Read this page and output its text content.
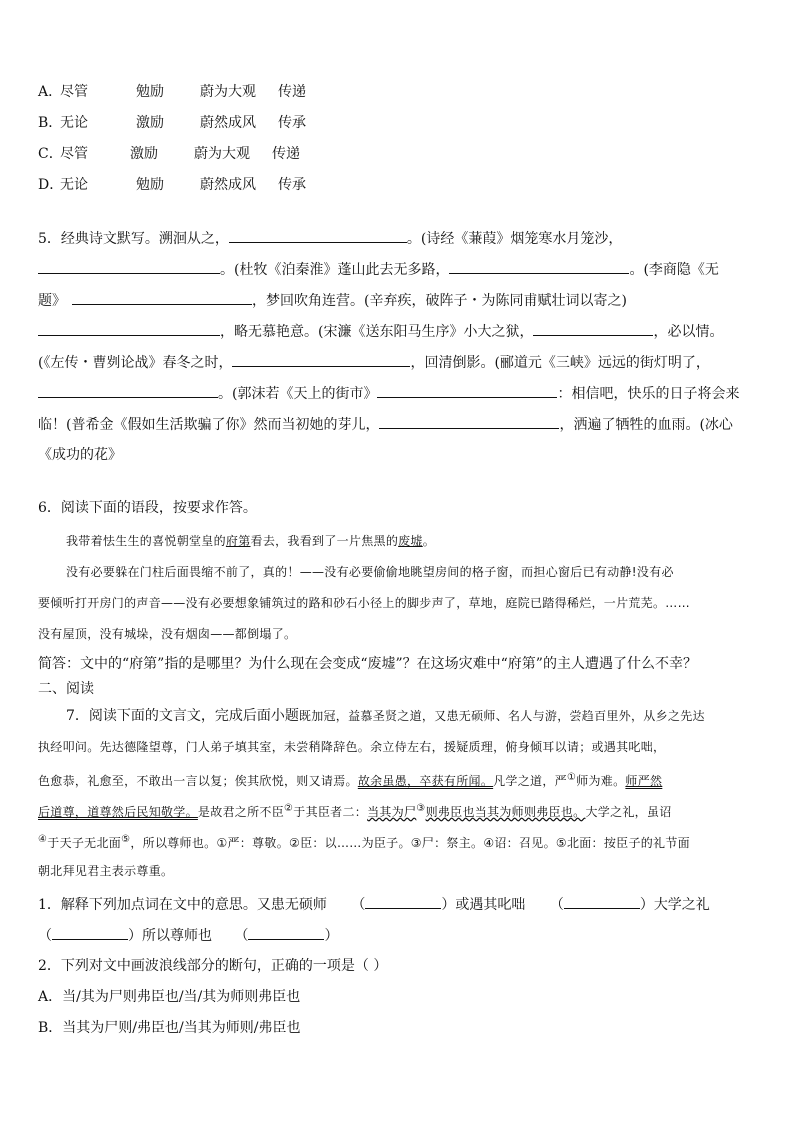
A．尽管	勉励	蔚为大观 传递
B．无论	激励	蔚然成风 传承
C．尽管	激励	蔚为大观 传递
D．无论	勉励	蔚然成风 传承
5．经典诗文默写。溯洄从之，	。(诗经《蒹葭》烟笼寒水月笼沙，
。(杜牧《泊秦淮》蓬山此去无多路，	。(李商隐《无
题》	，梦回吹角连营。(辛弃疾，破阵子・为陈同甫赋壮词以寄之)
，略无慕艳意。(宋濂《送东阳马生序》小大之狱，	，必以情。
(《左传・曹刿论战》春冬之时，	，回清倒影。(郦道元《三峡》远远的街灯明了，
。(郭沫若《天上的街市》	：相信吧，快乐的日子将会来
临！(普希金《假如生活欺骗了你》然而当初她的芽儿，	，洒遍了牺牲的血雨。(冰心
《成功的花》
6．阅读下面的语段，按要求作答。
我带着怯生生的喜悦朝堂皇的府第看去，我看到了一片焦黑的废墟。
没有必要躲在门柱后面畏缩不前了，真的！——没有必要偷偷地眺望房间的格子窗，而担心窗后已有动静!没有必
要倾听打开房门的声音——没有必要想象铺筑过的路和砂石小径上的脚步声了，草地，庭院已踏得稀烂，一片荒芜。……
没有屋顶，没有城垛，没有烟囱——都倒塌了。
简答：文中的“府第”指的是哪里？为什么现在会变成“废墟”？在这场灾难中“府第”的主人遭遇了什么不幸？
二、阅读
7．阅读下面的文言文，完成后面小题既加冠，益慕圣贤之道，又患无硕师、名人与游，尝趋百里外，从乡之先达
执经叩问。先达德隆望尊，门人弟子填其室，未尝稍降辞色。余立侍左右，援疑质理，俯身倾耳以请；或遇其叱咄，
色愈恭，礼愈至，不敢出一言以复；俟其欣悦，则又请焉。故余虽愚，卒获有所闻。凡学之道，严①师为难。师严然
后道尊，道尊然后民知敬学。是故君之所不臣②于其臣者二：当其为尸③则弗臣也当其为师则弗臣也。大学之礼，虽诏
④于天子无北面⑤，所以尊师也。①严：尊敬。②臣：以……为臣子。③尸：祭主。④诏：召见。⑤北面：按臣子的礼节面
朝北拜见君主表示尊重。
1．解释下列加点词在文中的意思。又患无硕师 （	）或遇其叱咄 （	）大学之礼
（	）所以尊师也 （	）
2．下列对文中画波浪线部分的断句，正确的一项是（ ）
A．当/其为尸则弗臣也/当/其为师则弗臣也
B．当其为尸则/弗臣也/当其为师则/弗臣也
